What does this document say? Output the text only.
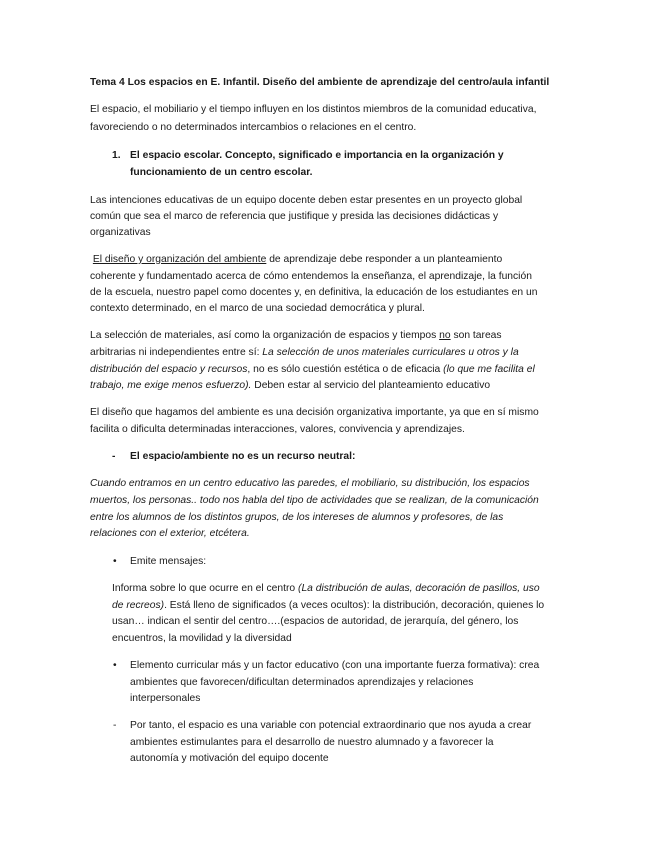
Tema 4 Los espacios en E. Infantil. Diseño del ambiente de aprendizaje del centro/aula infantil
El espacio, el mobiliario y el tiempo influyen en los distintos miembros de la comunidad educativa,
favoreciendo o no determinados intercambios o relaciones en el centro.
1. El espacio escolar. Concepto, significado e importancia en la organización y
funcionamiento de un centro escolar.
Las intenciones educativas de un equipo docente deben estar presentes en un proyecto global
común que sea el marco de referencia que justifique y presida las decisiones didácticas y
organizativas
El diseño y organización del ambiente de aprendizaje debe responder a un planteamiento
coherente y fundamentado acerca de cómo entendemos la enseñanza, el aprendizaje, la función
de la escuela, nuestro papel como docentes y, en definitiva, la educación de los estudiantes en un
contexto determinado, en el marco de una sociedad democrática y plural.
La selección de materiales, así como la organización de espacios y tiempos no son tareas
arbitrarias ni independientes entre sí: La selección de unos materiales curriculares u otros y la
distribución del espacio y recursos, no es sólo cuestión estética o de eficacia (lo que me facilita el
trabajo, me exige menos esfuerzo). Deben estar al servicio del planteamiento educativo
El diseño que hagamos del ambiente es una decisión organizativa importante, ya que en sí mismo
facilita o dificulta determinadas interacciones, valores, convivencia y aprendizajes.
- El espacio/ambiente no es un recurso neutral:
Cuando entramos en un centro educativo las paredes, el mobiliario, su distribución, los espacios
muertos, los personas.. todo nos habla del tipo de actividades que se realizan, de la comunicación
entre los alumnos de los distintos grupos, de los intereses de alumnos y profesores, de las
relaciones con el exterior, etcétera.
• Emite mensajes:
Informa sobre lo que ocurre en el centro (La distribución de aulas, decoración de pasillos, uso
de recreos). Está lleno de significados (a veces ocultos): la distribución, decoración, quienes lo
usan… indican el sentir del centro….(espacios de autoridad, de jerarquía, del género, los
encuentros, la movilidad y la diversidad
• Elemento curricular más y un factor educativo (con una importante fuerza formativa): crea
ambientes que favorecen/dificultan determinados aprendizajes y relaciones
interpersonales
- Por tanto, el espacio es una variable con potencial extraordinario que nos ayuda a crear
ambientes estimulantes para el desarrollo de nuestro alumnado y a favorecer la
autonomía y motivación del equipo docente
